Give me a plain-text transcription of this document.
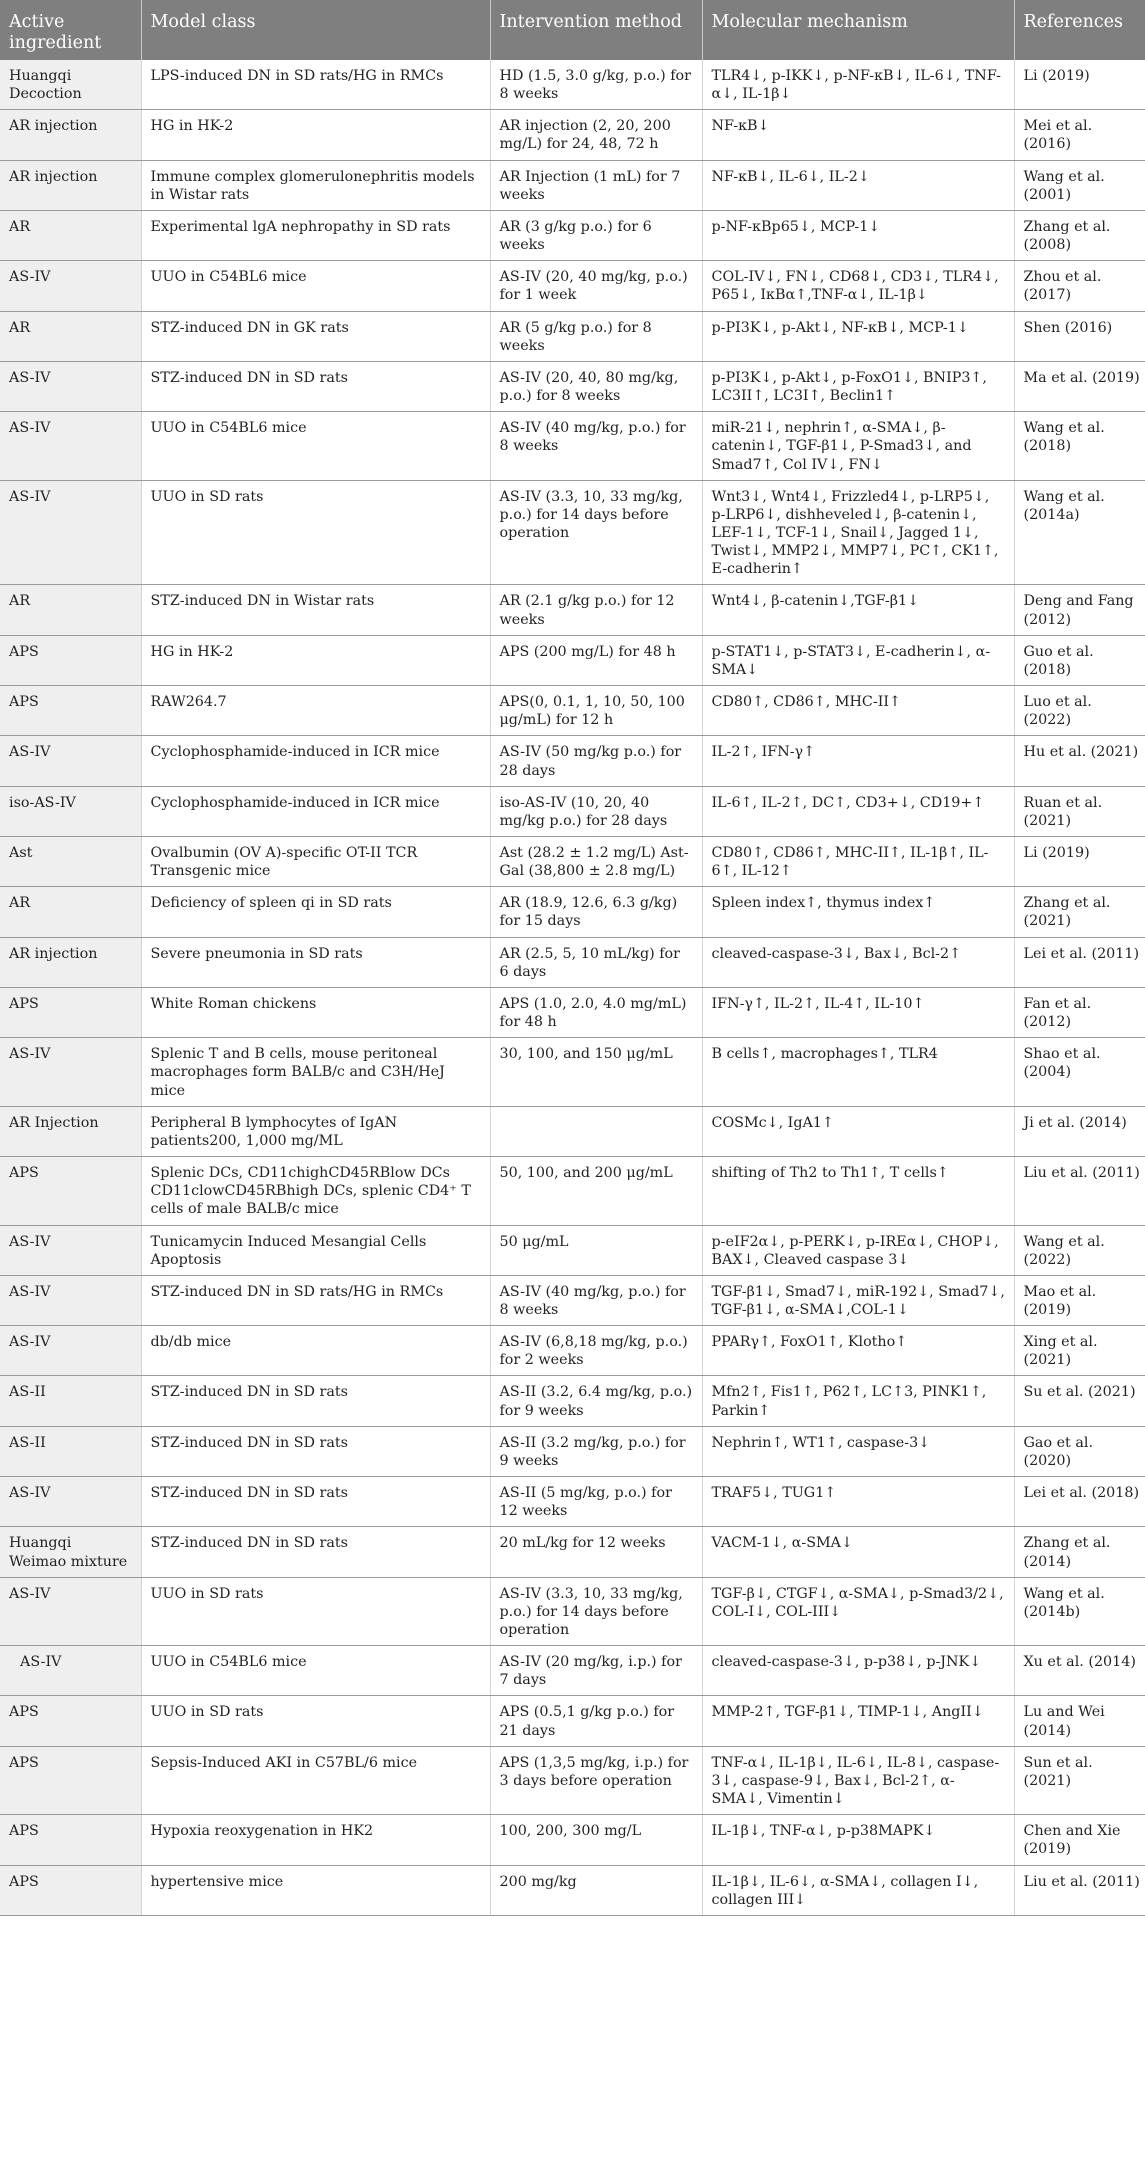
Active ingredient	Model class	Intervention method	Molecular mechanism	References
Huangqi Decoction	LPS-induced DN in SD rats/HG in RMCs	HD (1.5, 3.0 g/kg, p.o.) for 8 weeks	TLR4↓, p-IKK↓, p-NF-κB↓, IL-6↓, TNF-α↓, IL-1β↓	Li (2019)
AR injection	HG in HK-2	AR injection (2, 20, 200 mg/L) for 24, 48, 72 h	NF-κB↓	Mei et al. (2016)
AR injection	Immune complex glomerulonephritis models in Wistar rats	AR Injection (1 mL) for 7 weeks	NF-κB↓, IL-6↓, IL-2↓	Wang et al. (2001)
AR	Experimental lgA nephropathy in SD rats	AR (3 g/kg p.o.) for 6 weeks	p-NF-κBp65↓, MCP-1↓	Zhang et al. (2008)
AS-IV	UUO in C54BL6 mice	AS-IV (20, 40 mg/kg, p.o.) for 1 week	COL-IV↓, FN↓, CD68↓, CD3↓, TLR4↓, P65↓, IκBα↑,TNF-α↓, IL-1β↓	Zhou et al. (2017)
AR	STZ-induced DN in GK rats	AR (5 g/kg p.o.) for 8 weeks	p-PI3K↓, p-Akt↓, NF-κB↓, MCP-1↓	Shen (2016)
AS-IV	STZ-induced DN in SD rats	AS-IV (20, 40, 80 mg/kg, p.o.) for 8 weeks	p-PI3K↓, p-Akt↓, p-FoxO1↓, BNIP3↑, LC3II↑, LC3I↑, Beclin1↑	Ma et al. (2019)
AS-IV	UUO in C54BL6 mice	AS-IV (40 mg/kg, p.o.) for 8 weeks	miR-21↓, nephrin↑, α-SMA↓, β-catenin↓, TGF-β1↓, P-Smad3↓, and Smad7↑, Col IV↓, FN↓	Wang et al. (2018)
AS-IV	UUO in SD rats	AS-IV (3.3, 10, 33 mg/kg, p.o.) for 14 days before operation	Wnt3↓, Wnt4↓, Frizzled4↓, p-LRP5↓, p-LRP6↓, dishheveled↓, β-catenin↓, LEF-1↓, TCF-1↓, Snail↓, Jagged 1↓, Twist↓, MMP2↓, MMP7↓, PC↑, CK1↑, E-cadherin↑	Wang et al. (2014a)
AR	STZ-induced DN in Wistar rats	AR (2.1 g/kg p.o.) for 12 weeks	Wnt4↓, β-catenin↓,TGF-β1↓	Deng and Fang (2012)
APS	HG in HK-2	APS (200 mg/L) for 48 h	p-STAT1↓, p-STAT3↓, E-cadherin↓, α-SMA↓	Guo et al. (2018)
APS	RAW264.7	APS(0, 0.1, 1, 10, 50, 100 μg/mL) for 12 h	CD80↑, CD86↑, MHC-II↑	Luo et al. (2022)
AS-IV	Cyclophosphamide-induced in ICR mice	AS-IV (50 mg/kg p.o.) for 28 days	IL-2↑, IFN-γ↑	Hu et al. (2021)
iso-AS-IV	Cyclophosphamide-induced in ICR mice	iso-AS-IV (10, 20, 40 mg/kg p.o.) for 28 days	IL-6↑, IL-2↑, DC↑, CD3+↓, CD19+↑	Ruan et al. (2021)
Ast	Ovalbumin (OV A)-specific OT-II TCR Transgenic mice	Ast (28.2 ± 1.2 mg/L) Ast-Gal (38,800 ± 2.8 mg/L)	CD80↑, CD86↑, MHC-II↑, IL-1β↑, IL-6↑, IL-12↑	Li (2019)
AR	Deficiency of spleen qi in SD rats	AR (18.9, 12.6, 6.3 g/kg) for 15 days	Spleen index↑, thymus index↑	Zhang et al. (2021)
AR injection	Severe pneumonia in SD rats	AR (2.5, 5, 10 mL/kg) for 6 days	cleaved-caspase-3↓, Bax↓, Bcl-2↑	Lei et al. (2011)
APS	White Roman chickens	APS (1.0, 2.0, 4.0 mg/mL) for 48 h	IFN-γ↑, IL-2↑, IL-4↑, IL-10↑	Fan et al. (2012)
AS-IV	Splenic T and B cells, mouse peritoneal macrophages form BALB/c and C3H/HeJ mice	30, 100, and 150 μg/mL	B cells↑, macrophages↑, TLR4	Shao et al. (2004)
AR Injection	Peripheral B lymphocytes of IgAN patients200, 1,000 mg/ML		COSMc↓, IgA1↑	Ji et al. (2014)
APS	Splenic DCs, CD11chighCD45RBlow DCs CD11clowCD45RBhigh DCs, splenic CD4⁺ T cells of male BALB/c mice	50, 100, and 200 μg/mL	shifting of Th2 to Th1↑, T cells↑	Liu et al. (2011)
AS-IV	Tunicamycin Induced Mesangial Cells Apoptosis	50 μg/mL	p-eIF2α↓, p-PERK↓, p-IREα↓, CHOP↓, BAX↓, Cleaved caspase 3↓	Wang et al. (2022)
AS-IV	STZ-induced DN in SD rats/HG in RMCs	AS-IV (40 mg/kg, p.o.) for 8 weeks	TGF-β1↓, Smad7↓, miR-192↓, Smad7↓, TGF-β1↓, α-SMA↓,COL-1↓	Mao et al. (2019)
AS-IV	db/db mice	AS-IV (6,8,18 mg/kg, p.o.) for 2 weeks	PPARγ↑, FoxO1↑, Klotho↑	Xing et al. (2021)
AS-II	STZ-induced DN in SD rats	AS-II (3.2, 6.4 mg/kg, p.o.) for 9 weeks	Mfn2↑, Fis1↑, P62↑, LC↑3, PINK1↑, Parkin↑	Su et al. (2021)
AS-II	STZ-induced DN in SD rats	AS-II (3.2 mg/kg, p.o.) for 9 weeks	Nephrin↑, WT1↑, caspase-3↓	Gao et al. (2020)
AS-IV	STZ-induced DN in SD rats	AS-II (5 mg/kg, p.o.) for 12 weeks	TRAF5↓, TUG1↑	Lei et al. (2018)
Huangqi Weimao mixture	STZ-induced DN in SD rats	20 mL/kg for 12 weeks	VACM-1↓, α-SMA↓	Zhang et al. (2014)
AS-IV	UUO in SD rats	AS-IV (3.3, 10, 33 mg/kg, p.o.) for 14 days before operation	TGF-β↓, CTGF↓, α-SMA↓, p-Smad3/2↓, COL-I↓, COL-III↓	Wang et al. (2014b)
AS-IV	UUO in C54BL6 mice	AS-IV (20 mg/kg, i.p.) for 7 days	cleaved-caspase-3↓, p-p38↓, p-JNK↓	Xu et al. (2014)
APS	UUO in SD rats	APS (0.5,1 g/kg p.o.) for 21 days	MMP-2↑, TGF-β1↓, TIMP-1↓, AngII↓	Lu and Wei (2014)
APS	Sepsis-Induced AKI in C57BL/6 mice	APS (1,3,5 mg/kg, i.p.) for 3 days before operation	TNF-α↓, IL-1β↓, IL-6↓, IL-8↓, caspase-3↓, caspase-9↓, Bax↓, Bcl-2↑, α-SMA↓, Vimentin↓	Sun et al. (2021)
APS	Hypoxia reoxygenation in HK2	100, 200, 300 mg/L	IL-1β↓, TNF-α↓, p-p38MAPK↓	Chen and Xie (2019)
APS	hypertensive mice	200 mg/kg	IL-1β↓, IL-6↓, α-SMA↓, collagen I↓, collagen III↓	Liu et al. (2011)
